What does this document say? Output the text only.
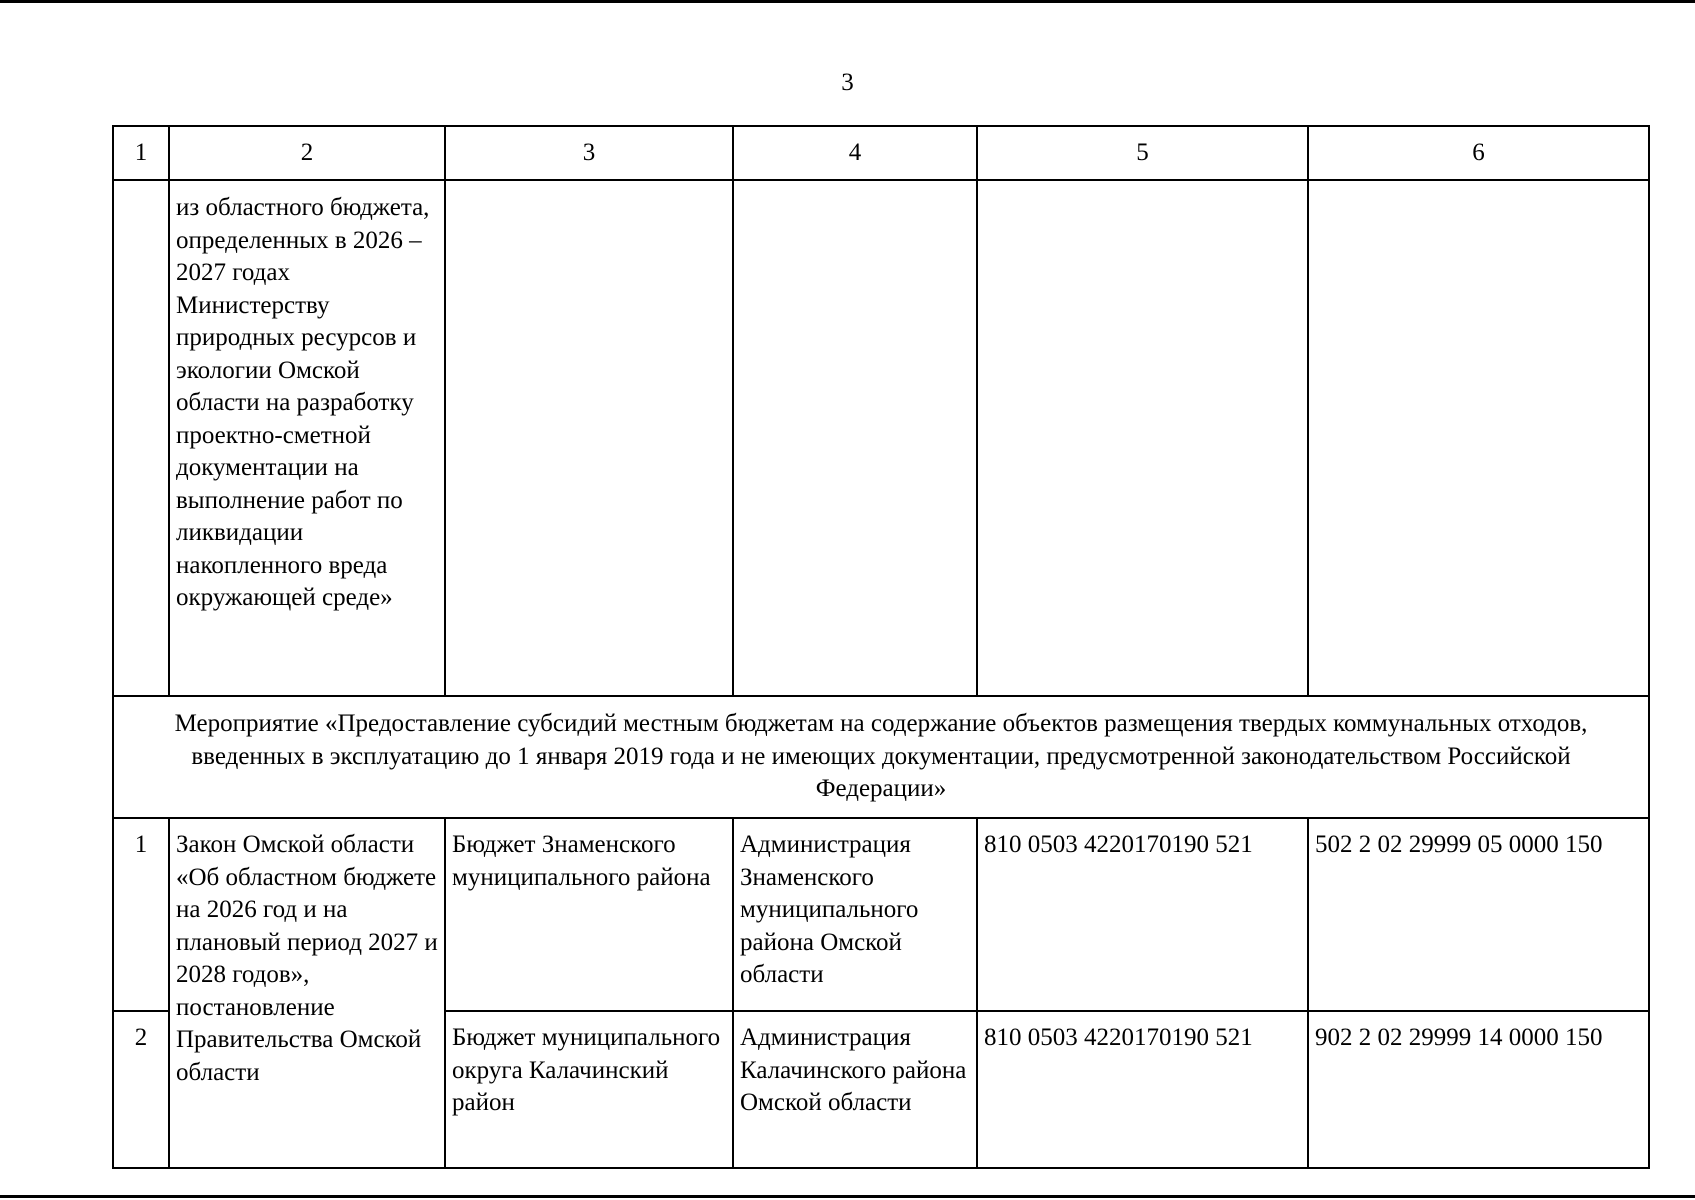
3
1	2	3	4	5	6
	из областного бюджета, определенных в 2026 – 2027 годах Министерству природных ресурсов и экологии Омской области на разработку проектно-сметной документации на выполнение работ по ликвидации накопленного вреда окружающей среде»				
Мероприятие «Предоставление субсидий местным бюджетам на содержание объектов размещения твердых коммунальных отходов, введенных в эксплуатацию до 1 января 2019 года и не имеющих документации, предусмотренной законодательством Российской Федерации»					
1	Закон Омской области «Об областном бюджете на 2026 год и на плановый период 2027 и 2028 годов», постановление Правительства Омской области	Бюджет Знаменского муниципального района	Администрация Знаменского муниципального района Омской области	810 0503 4220170190 521	502 2 02 29999 05 0000 150
2		Бюджет муниципального округа Калачинский район	Администрация Калачинского района Омской области	810 0503 4220170190 521	902 2 02 29999 14 0000 150
